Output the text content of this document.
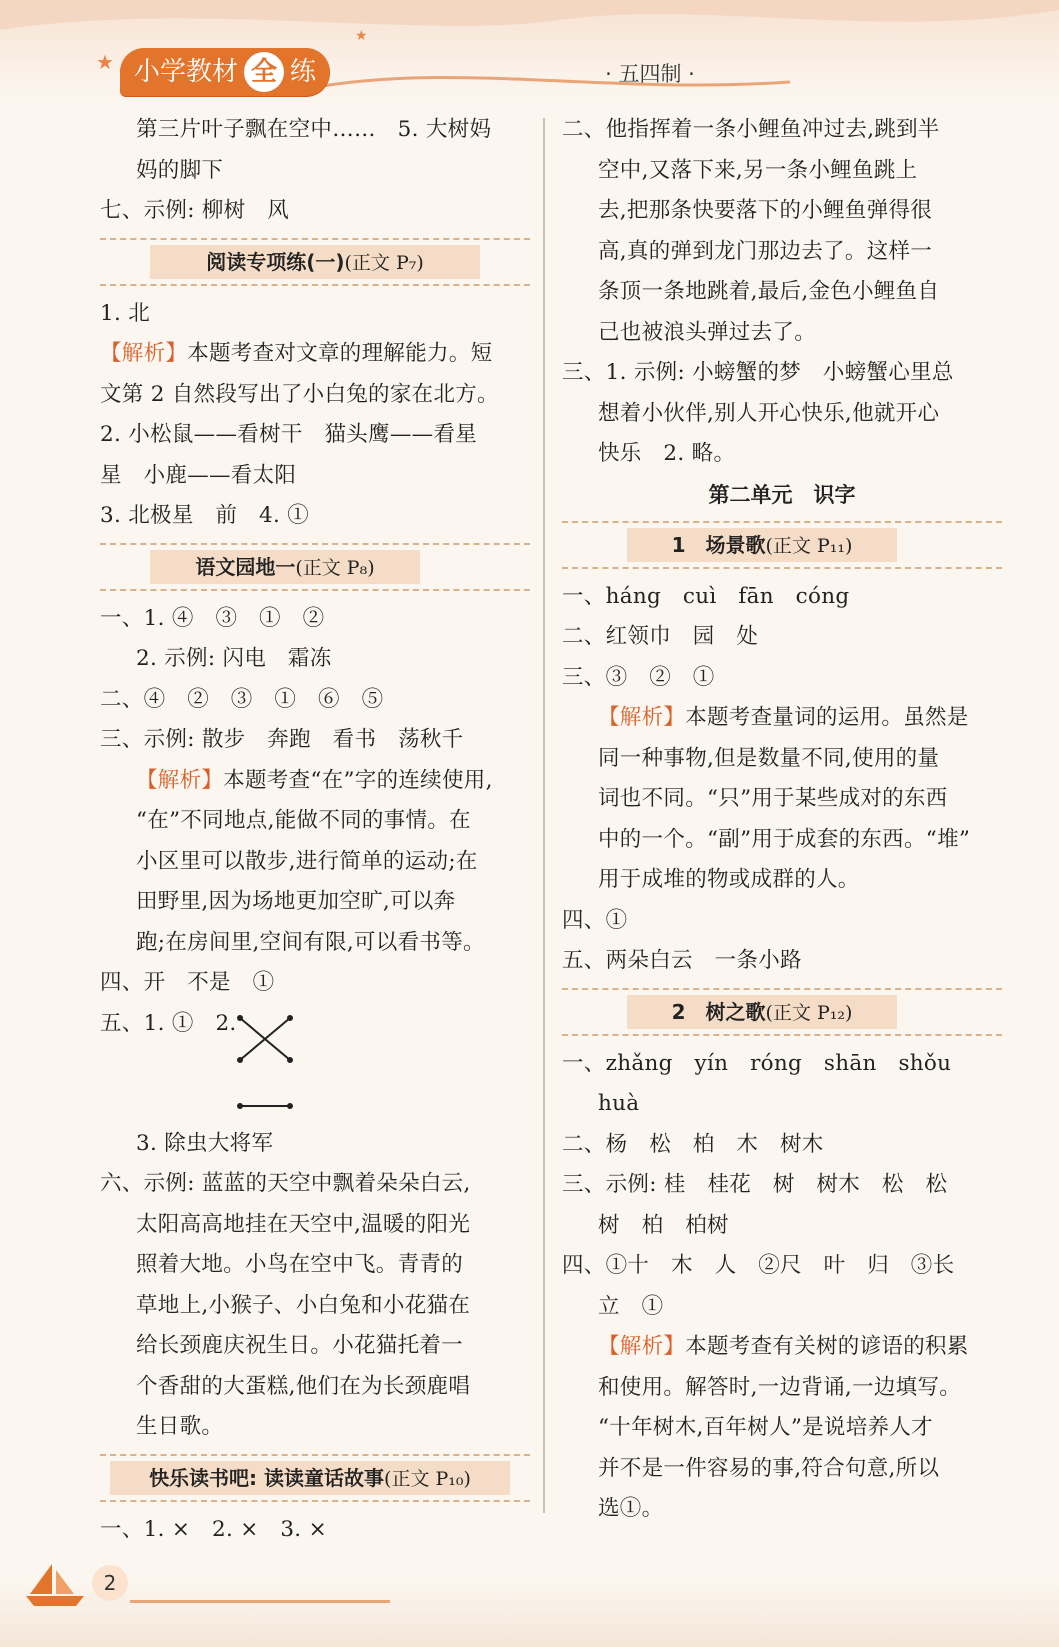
★
★
小学教材 全 练	· 五四制 ·
第三片叶子飘在空中……　5. 大树妈
妈的脚下
七、示例: 柳树　风
阅读专项练(一)(正文 P₇)
1. 北
【解析】本题考查对文章的理解能力。短
文第 2 自然段写出了小白兔的家在北方。
2. 小松鼠——看树干　猫头鹰——看星
星　小鹿——看太阳
3. 北极星　前　4. ①
语文园地一(正文 P₈)
一、1. ④　③　①　②
2. 示例: 闪电　霜冻
二、④　②　③　①　⑥　⑤
三、示例: 散步　奔跑　看书　荡秋千
【解析】本题考查“在”字的连续使用,
“在”不同地点,能做不同的事情。在
小区里可以散步,进行简单的运动;在
田野里,因为场地更加空旷,可以奔
跑;在房间里,空间有限,可以看书等。
四、开　不是　①
五、1. ①　2.
3. 除虫大将军
六、示例: 蓝蓝的天空中飘着朵朵白云,
太阳高高地挂在天空中,温暖的阳光
照着大地。小鸟在空中飞。青青的
草地上,小猴子、小白兔和小花猫在
给长颈鹿庆祝生日。小花猫托着一
个香甜的大蛋糕,他们在为长颈鹿唱
生日歌。
快乐读书吧: 读读童话故事(正文 P₁₀)
一、1. ×　2. ×　3. ×
二、他指挥着一条小鲤鱼冲过去,跳到半
空中,又落下来,另一条小鲤鱼跳上
去,把那条快要落下的小鲤鱼弹得很
高,真的弹到龙门那边去了。这样一
条顶一条地跳着,最后,金色小鲤鱼自
己也被浪头弹过去了。
三、1. 示例: 小螃蟹的梦　小螃蟹心里总
想着小伙伴,别人开心快乐,他就开心
快乐　2. 略。
第二单元　识字
1　场景歌(正文 P₁₁)
一、háng　cuì　fān　cóng
二、红领巾　园　处
三、③　②　①
【解析】本题考查量词的运用。虽然是
同一种事物,但是数量不同,使用的量
词也不同。“只”用于某些成对的东西
中的一个。“副”用于成套的东西。“堆”
用于成堆的物或成群的人。
四、①
五、两朵白云　一条小路
2　树之歌(正文 P₁₂)
一、zhǎng　yín　róng　shān　shǒu
huà
二、杨　松　柏　木　树木
三、示例: 桂　桂花　树　树木　松　松
树　柏　柏树
四、①十　木　人　②尺　叶　归　③长
立　①
【解析】本题考查有关树的谚语的积累
和使用。解答时,一边背诵,一边填写。
“十年树木,百年树人”是说培养人才
并不是一件容易的事,符合句意,所以
选①。
2
